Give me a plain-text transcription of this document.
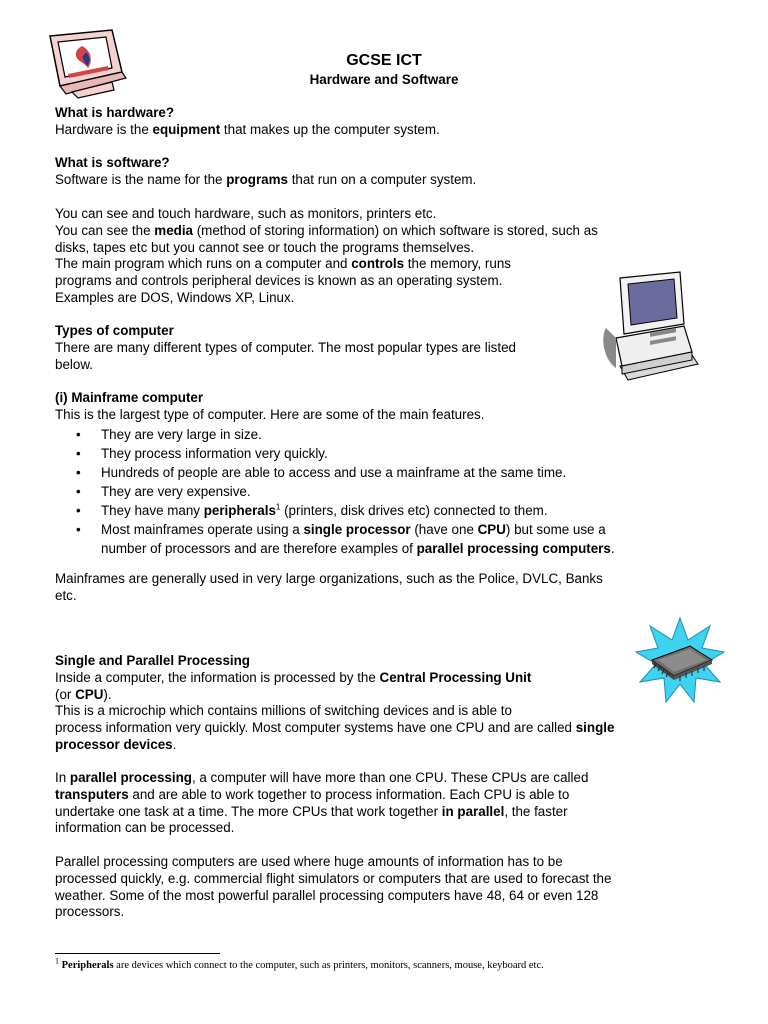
GCSE ICT

Hardware and Software

What is hardware?

Hardware is the equipment that makes up the computer system.

What is software?

Software is the name for the programs that run on a computer system.

You can see and touch hardware, such as monitors, printers etc.

You can see the media (method of storing information) on which software is stored, such as
disks, tapes etc but you cannot see or touch the programs themselves.

The main program which runs on a computer and controls the memory, runs
programs and controls peripheral devices is known as an operating system.
Examples are DOS, Windows XP, Linux.

Types of computer

There are many different types of computer. The most popular types are listed
below.

(i) Mainframe computer

This is the largest type of computer. Here are some of the main features.

• They are very large in size.
• They process information very quickly.
• Hundreds of people are able to access and use a mainframe at the same time.
• They are very expensive.
• They have many peripherals$^1$ (printers, disk drives etc) connected to them.
• Most mainframes operate using a single processor (have one CPU) but some use a
number of processors and are therefore examples of parallel processing computers.

Mainframes are generally used in very large organizations, such as the Police, DVLC, Banks
etc.

Single and Parallel Processing

Inside a computer, the information is processed by the Central Processing Unit
(or CPU).

This is a microchip which contains millions of switching devices and is able to
process information very quickly. Most computer systems have one CPU and are called single
processor devices.

In parallel processing, a computer will have more than one CPU. These CPUs are called
transputers and are able to work together to process information. Each CPU is able to
undertake one task at a time. The more CPUs that work together in parallel, the faster
information can be processed.

Parallel processing computers are used where huge amounts of information has to be
processed quickly, e.g. commercial flight simulators or computers that are used to forecast the
weather. Some of the most powerful parallel processing computers have 48, 64 or even 128
processors.

$^1$ Peripherals are devices which connect to the computer, such as printers, monitors, scanners, mouse, keyboard etc.
